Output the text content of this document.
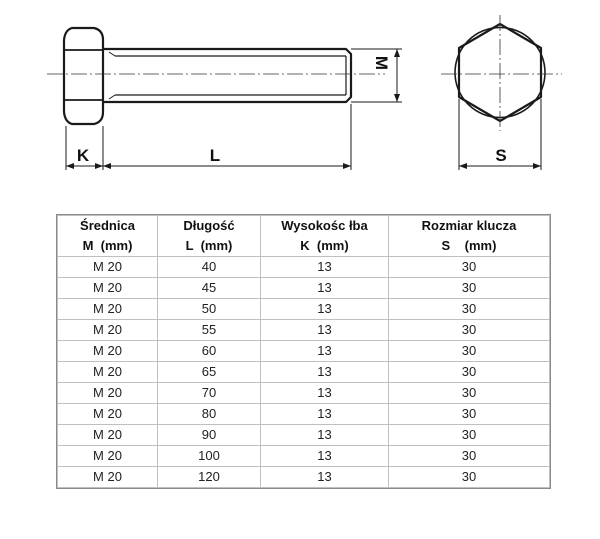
M
K	L	S
Średnica	Długość	Wysokośc łba	Rozmiar klucza
M  (mm)	L  (mm)	K  (mm)	S    (mm)
M 20	40	13	30
M 20	45	13	30
M 20	50	13	30
M 20	55	13	30
M 20	60	13	30
M 20	65	13	30
M 20	70	13	30
M 20	80	13	30
M 20	90	13	30
M 20	100	13	30
M 20	120	13	30
